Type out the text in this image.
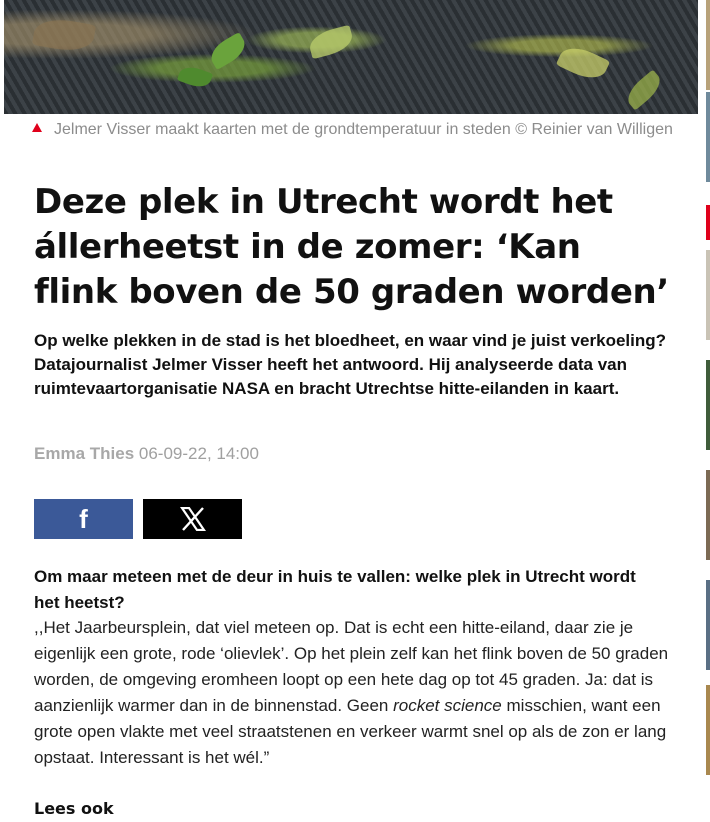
Jelmer Visser maakt kaarten met de grondtemperatuur in steden © Reinier van Willigen
Deze plek in Utrecht wordt het állerheetst in de zomer: ‘Kan flink boven de 50 graden worden’

Op welke plekken in de stad is het bloedheet, en waar vind je juist verkoeling? Datajournalist Jelmer Visser heeft het antwoord. Hij analyseerde data van ruimtevaartorganisatie NASA en bracht Utrechtse hitte-eilanden in kaart.

Emma Thies 06-09-22, 14:00
f

Om maar meteen met de deur in huis te vallen: welke plek in Utrecht wordt het heetst?

,,Het Jaarbeursplein, dat viel meteen op. Dat is echt een hitte-eiland, daar zie je eigenlijk een grote, rode ‘olievlek’. Op het plein zelf kan het flink boven de 50 graden worden, de omgeving eromheen loopt op een hete dag op tot 45 graden. Ja: dat is aanzienlijk warmer dan in de binnenstad. Geen rocket science misschien, want een grote open vlakte met veel straatstenen en verkeer warmt snel op als de zon er lang opstaat. Interessant is het wél.”

Lees ook
